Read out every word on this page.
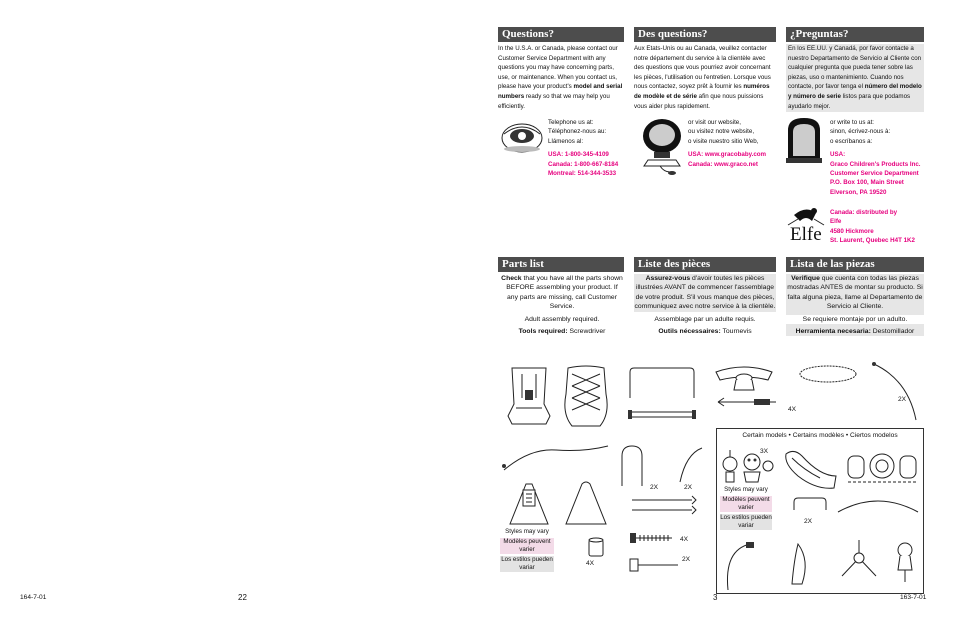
Questions?	Des questions?	¿Preguntas?
In the U.S.A. or Canada, please contact our Customer Service Department with any questions you may have concerning parts, use, or maintenance. When you contact us, please have your product's model and serial numbers ready so that we may help you efficiently.
Aux Etats-Unis ou au Canada, veuillez contacter notre département du service à la clientèle avec des questions que vous pourriez avoir concernant les pièces, l'utilisation ou l'entretien. Lorsque vous nous contactez, soyez prêt à fournir les numéros de modèle et de série afin que nous puissions vous aider plus rapidement.
En los EE.UU. y Canadá, por favor contacte a nuestro Departamento de Servicio al Cliente con cualquier pregunta que pueda tener sobre las piezas, uso o mantenimiento. Cuando nos contacte, por favor tenga el número del modelo y número de serie listos para que podamos ayudarlo mejor.
Telephone us at:
Téléphonez-nous au:
Llámenos al:
USA: 1-800-345-4109
Canada: 1-800-667-8184
Montreal: 514-344-3533
or visit our website,
ou visitez notre website,
o visite nuestro sitio Web,
USA: www.gracobaby.com
Canada: www.graco.net
or write to us at:
sinon, écrivez-nous à:
o escríbanos a:
USA:
Graco Children's Products Inc.
Customer Service Department
P.O. Box 100, Main Street
Elverson, PA 19520
Elfe
Canada: distributed by
Elfe
4580 Hickmore
St. Laurent, Quebec H4T 1K2
Parts list	Liste des pièces	Lista de las piezas
Check that you have all the parts shown BEFORE assembling your product. If any parts are missing, call Customer Service.
Adult assembly required.
Tools required: Screwdriver
Assurez-vous d'avoir toutes les pièces illustrées AVANT de commencer l'assemblage de votre produit. S'il vous manque des pièces, communiquez avec notre service à la clientèle.
Assemblage par un adulte requis.
Outils nécessaires: Tournevis
Verifique que cuenta con todas las piezas mostradas ANTES de montar su producto. Si falta alguna pieza, llame al Departamento de Servicio al Cliente.
Se requiere montaje por un adulto.
Herramienta necesaria: Destomillador
4X
2X
Styles may vary
Modèles peuvent varier
Los estilos pueden variar
4X
2X	2X
4X
2X
Certain models • Certains modèles • Ciertos modelos
3X
Styles may vary
Modèles peuvent varier
Los estilos pueden variar
2X
164-7-01	22	3	163-7-01
